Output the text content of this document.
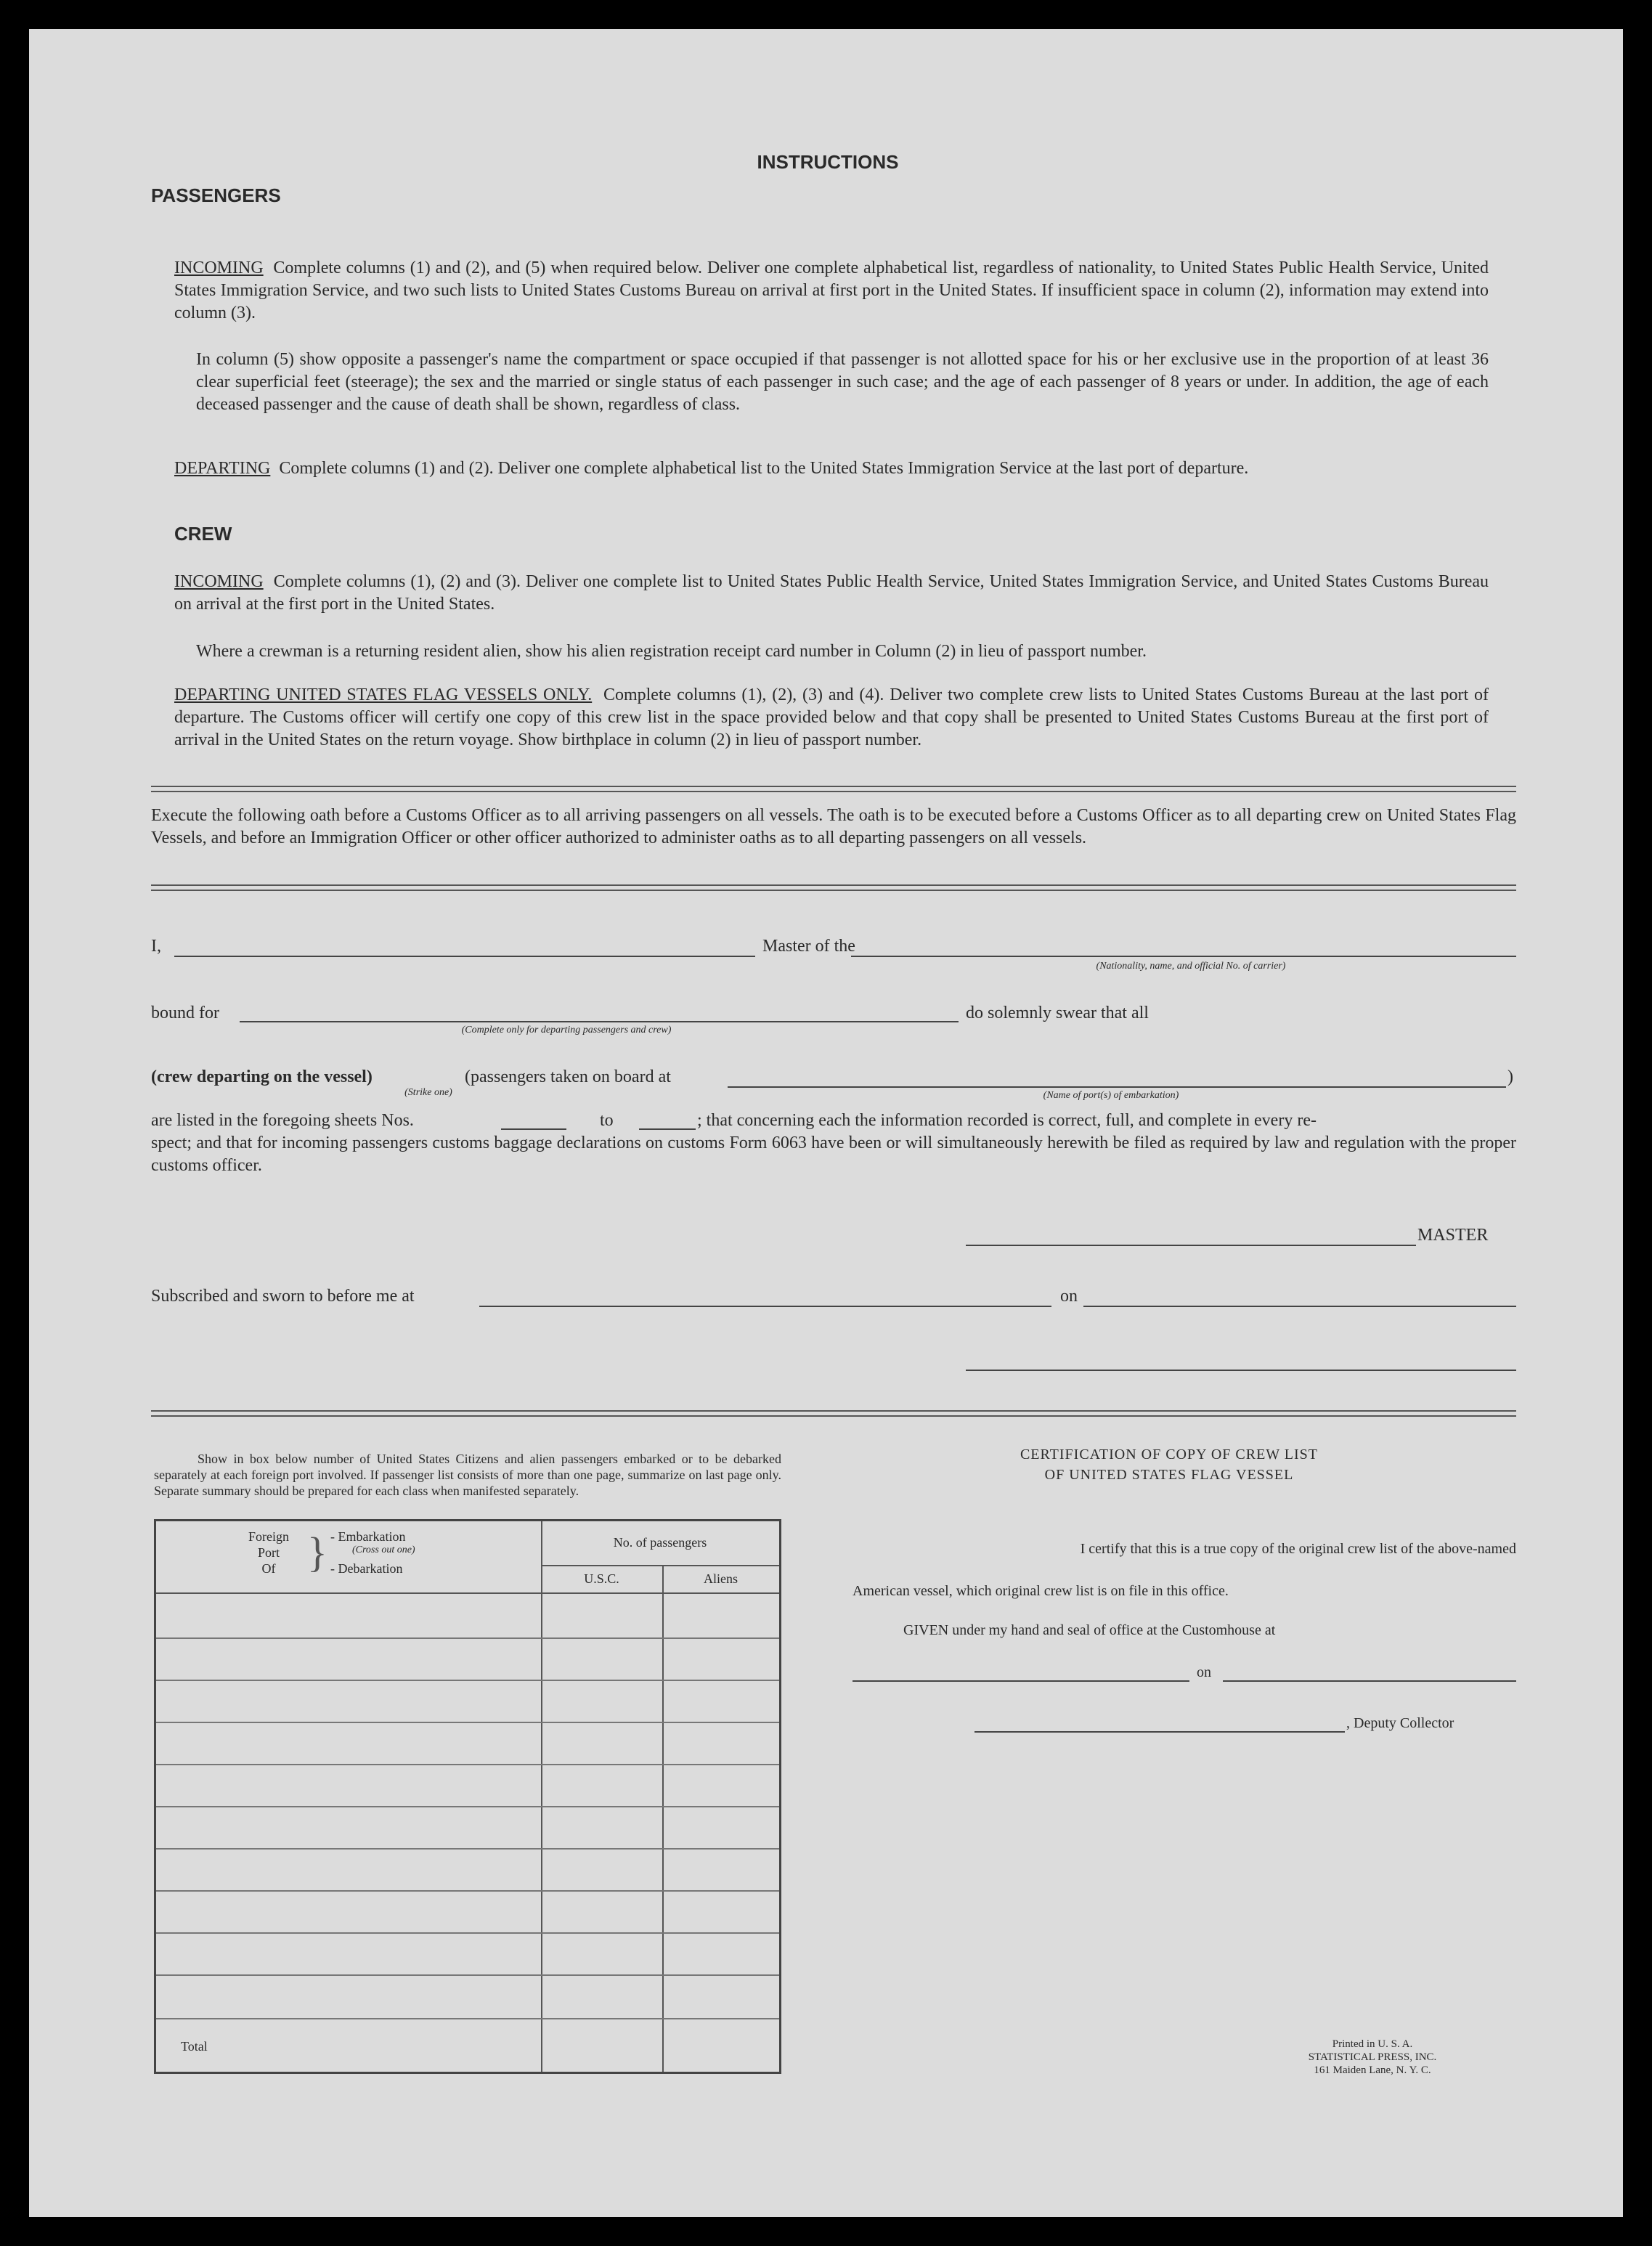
INSTRUCTIONS
PASSENGERS
INCOMING Complete columns (1) and (2), and (5) when required below. Deliver one complete alphabetical list, regardless of nationality, to United States Public Health Service, United States Immigration Service, and two such lists to United States Customs Bureau on arrival at first port in the United States. If insufficient space in column (2), information may extend into column (3).
In column (5) show opposite a passenger's name the compartment or space occupied if that passenger is not allotted space for his or her exclusive use in the proportion of at least 36 clear superficial feet (steerage); the sex and the married or single status of each passenger in such case; and the age of each passenger of 8 years or under. In addition, the age of each deceased passenger and the cause of death shall be shown, regardless of class.
DEPARTING Complete columns (1) and (2). Deliver one complete alphabetical list to the United States Immigration Service at the last port of departure.
CREW
INCOMING Complete columns (1), (2) and (3). Deliver one complete list to United States Public Health Service, United States Immigration Service, and United States Customs Bureau on arrival at the first port in the United States.
Where a crewman is a returning resident alien, show his alien registration receipt card number in Column (2) in lieu of passport number.
DEPARTING UNITED STATES FLAG VESSELS ONLY. Complete columns (1), (2), (3) and (4). Deliver two complete crew lists to United States Customs Bureau at the last port of departure. The Customs officer will certify one copy of this crew list in the space provided below and that copy shall be presented to United States Customs Bureau at the first port of arrival in the United States on the return voyage. Show birthplace in column (2) in lieu of passport number.
Execute the following oath before a Customs Officer as to all arriving passengers on all vessels. The oath is to be executed before a Customs Officer as to all departing crew on United States Flag Vessels, and before an Immigration Officer or other officer authorized to administer oaths as to all departing passengers on all vessels.
I,	Master of the
(Nationality, name, and official No. of carrier)
bound for
(Complete only for departing passengers and crew)
do solemnly swear that all
(crew departing on the vessel)
(Strike one)
(passengers taken on board at	)
(Name of port(s) of embarkation)
are listed in the foregoing sheets Nos.	to	; that concerning each the information recorded is correct, full, and complete in every re-
spect; and that for incoming passengers customs baggage declarations on customs Form 6063 have been or will simultaneously herewith be filed as required by law and regulation with the proper customs officer.
MASTER
Subscribed and sworn to before me at	on
Show in box below number of United States Citizens and alien passengers embarked or to be debarked separately at each foreign port involved. If passenger list consists of more than one page, summarize on last page only. Separate summary should be prepared for each class when manifested separately.
Foreign
Port
Of } - Embarkation
(Cross out one)
- Debarkation
No. of passengers
U.S.C.	Aliens
Total
CERTIFICATION OF COPY OF CREW LIST
OF UNITED STATES FLAG VESSEL
I certify that this is a true copy of the original crew list of the above-named
American vessel, which original crew list is on file in this office.
GIVEN under my hand and seal of office at the Customhouse at
on
, Deputy Collector
Printed in U. S. A.
STATISTICAL PRESS, INC.
161 Maiden Lane, N. Y. C.
